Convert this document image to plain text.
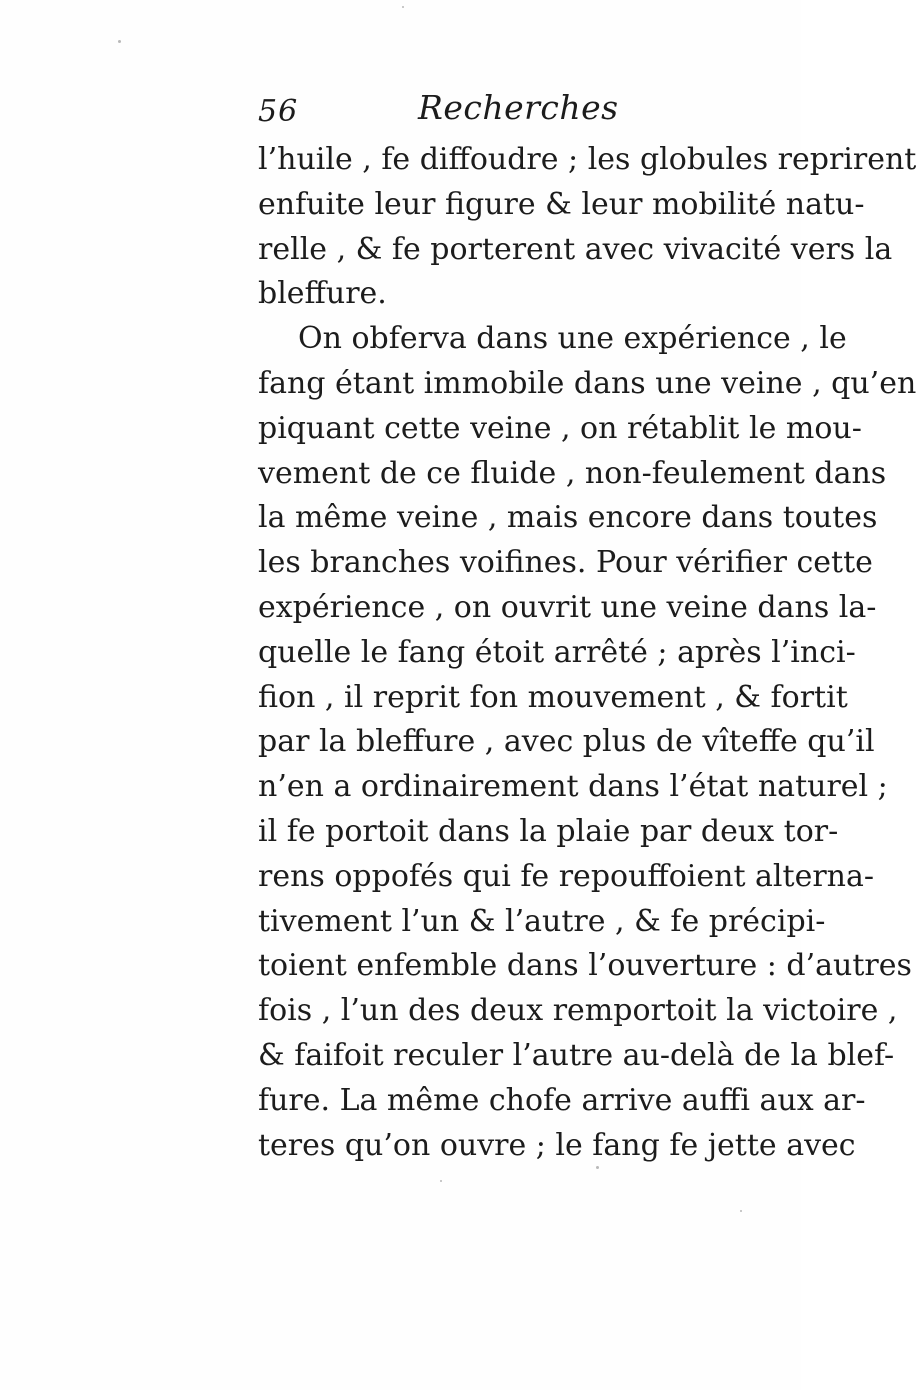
56	Recherches
l’huile , fe diffoudre ; les globules reprirent
enfuite leur figure & leur mobilité natu-
relle , & fe porterent avec vivacité vers la
bleffure.
On obferva dans une expérience , le
fang étant immobile dans une veine , qu’en
piquant cette veine , on rétablit le mou-
vement de ce fluide , non-feulement dans
la même veine , mais encore dans toutes
les branches voifines. Pour vérifier cette
expérience , on ouvrit une veine dans la-
quelle le fang étoit arrêté ; après l’inci-
fion , il reprit fon mouvement , & fortit
par la bleffure , avec plus de vîteffe qu’il
n’en a ordinairement dans l’état naturel ;
il fe portoit dans la plaie par deux tor-
rens oppofés qui fe repouffoient alterna-
tivement l’un & l’autre , & fe précipi-
toient enfemble dans l’ouverture : d’autres
fois , l’un des deux remportoit la victoire ,
& faifoit reculer l’autre au-delà de la blef-
fure. La même chofe arrive auffi aux ar-
teres qu’on ouvre ; le fang fe jette avec
